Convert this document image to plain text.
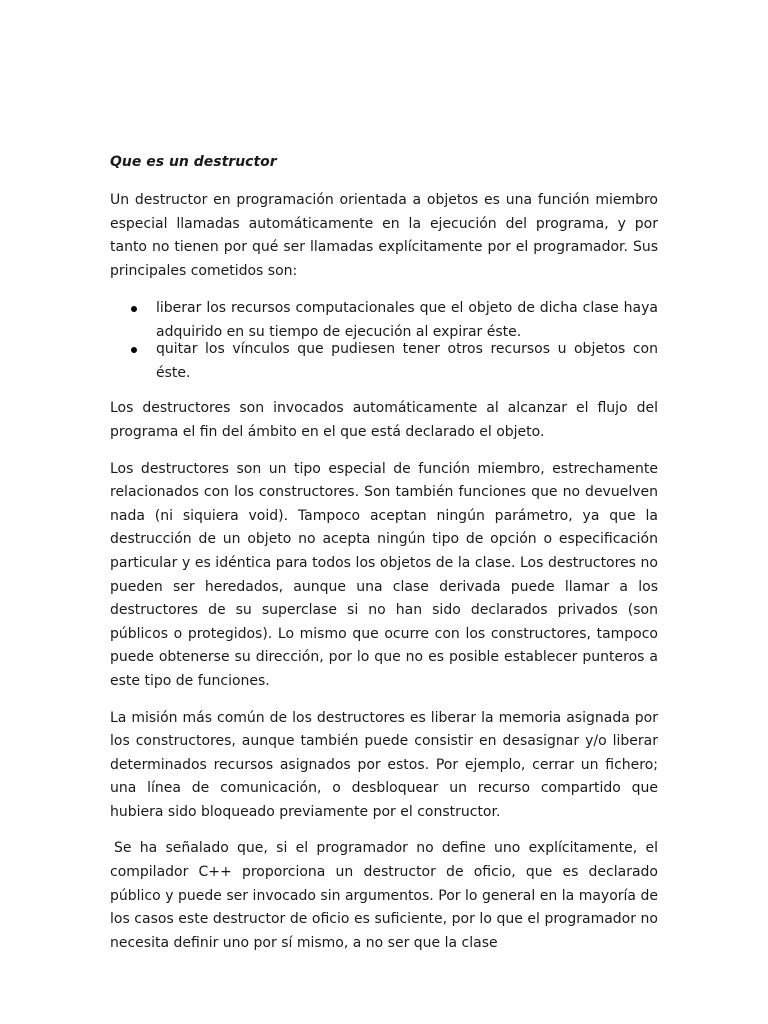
Que es un destructor

Un destructor en programación orientada a objetos es una función miembro especial llamadas automáticamente en la ejecución del programa, y por tanto no tienen por qué ser llamadas explícitamente por el programador. Sus principales cometidos son:

liberar los recursos computacionales que el objeto de dicha clase haya adquirido en su tiempo de ejecución al expirar éste.
quitar los vínculos que pudiesen tener otros recursos u objetos con éste.

Los destructores son invocados automáticamente al alcanzar el flujo del programa el fin del ámbito en el que está declarado el objeto.

Los destructores son un tipo especial de función miembro, estrechamente relacionados con los constructores. Son también funciones que no devuelven nada (ni siquiera void). Tampoco aceptan ningún parámetro, ya que la destrucción de un objeto no acepta ningún tipo de opción o especificación particular y es idéntica para todos los objetos de la clase. Los destructores no pueden ser heredados, aunque una clase derivada puede llamar a los destructores de su superclase si no han sido declarados privados (son públicos o protegidos). Lo mismo que ocurre con los constructores, tampoco puede obtenerse su dirección, por lo que no es posible establecer punteros a este tipo de funciones.

La misión más común de los destructores es liberar la memoria asignada por los constructores, aunque también puede consistir en desasignar y/o liberar determinados recursos asignados por estos. Por ejemplo, cerrar un fichero; una línea de comunicación, o desbloquear un recurso compartido que hubiera sido bloqueado previamente por el constructor.

Se ha señalado que, si el programador no define uno explícitamente, el compilador C++ proporciona un destructor de oficio, que es declarado público y puede ser invocado sin argumentos. Por lo general en la mayoría de los casos este destructor de oficio es suficiente, por lo que el programador no necesita definir uno por sí mismo, a no ser que la clase
